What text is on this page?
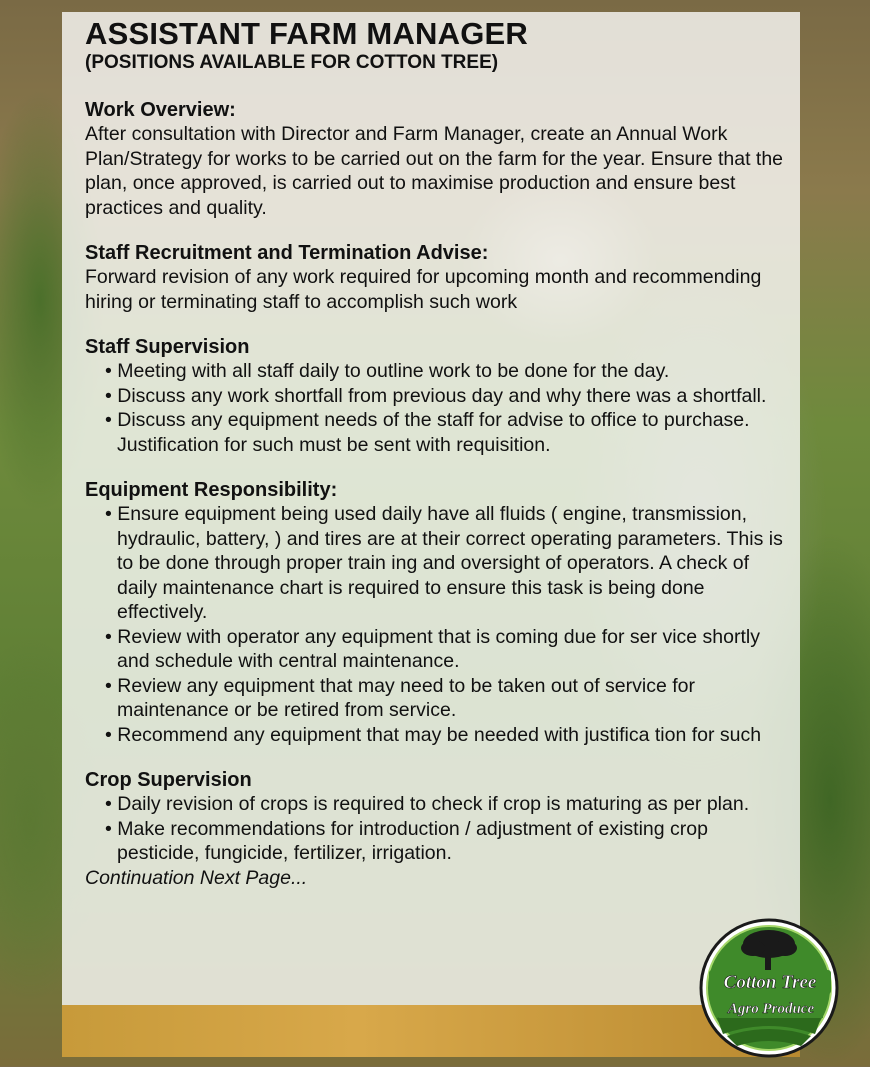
ASSISTANT FARM MANAGER

(POSITIONS AVAILABLE FOR COTTON TREE)

Work Overview:

After consultation with Director and Farm Manager, create an Annual Work Plan/Strategy for works to be carried out on the farm for the year. Ensure that the plan, once approved, is carried out to maximise production and ensure best practices and quality.

Staff Recruitment and Termination Advise:

Forward revision of any work required for upcoming month and recommending hiring or terminating staff to accomplish such work

Staff Supervision

• Meeting with all staff daily to outline work to be done for the day.
• Discuss any work shortfall from previous day and why there was a shortfall.
• Discuss any equipment needs of the staff for advise to office to purchase. Justification for such must be sent with requisition.

Equipment Responsibility:

• Ensure equipment being used daily have all fluids ( engine, transmission, hydraulic, battery, ) and tires are at their correct operating parameters. This is to be done through proper train ing and oversight of operators. A check of daily maintenance chart is required to ensure this task is being done effectively.
• Review with operator any equipment that is coming due for ser vice shortly and schedule with central maintenance.
• Review any equipment that may need to be taken out of service for maintenance or be retired from service.
• Recommend any equipment that may be needed with justifica tion for such

Crop Supervision

• Daily revision of crops is required to check if crop is maturing as per plan.
• Make recommendations for introduction / adjustment of existing crop pesticide, fungicide, fertilizer, irrigation.

Continuation Next Page...

Cotton Tree
Agro Produce
